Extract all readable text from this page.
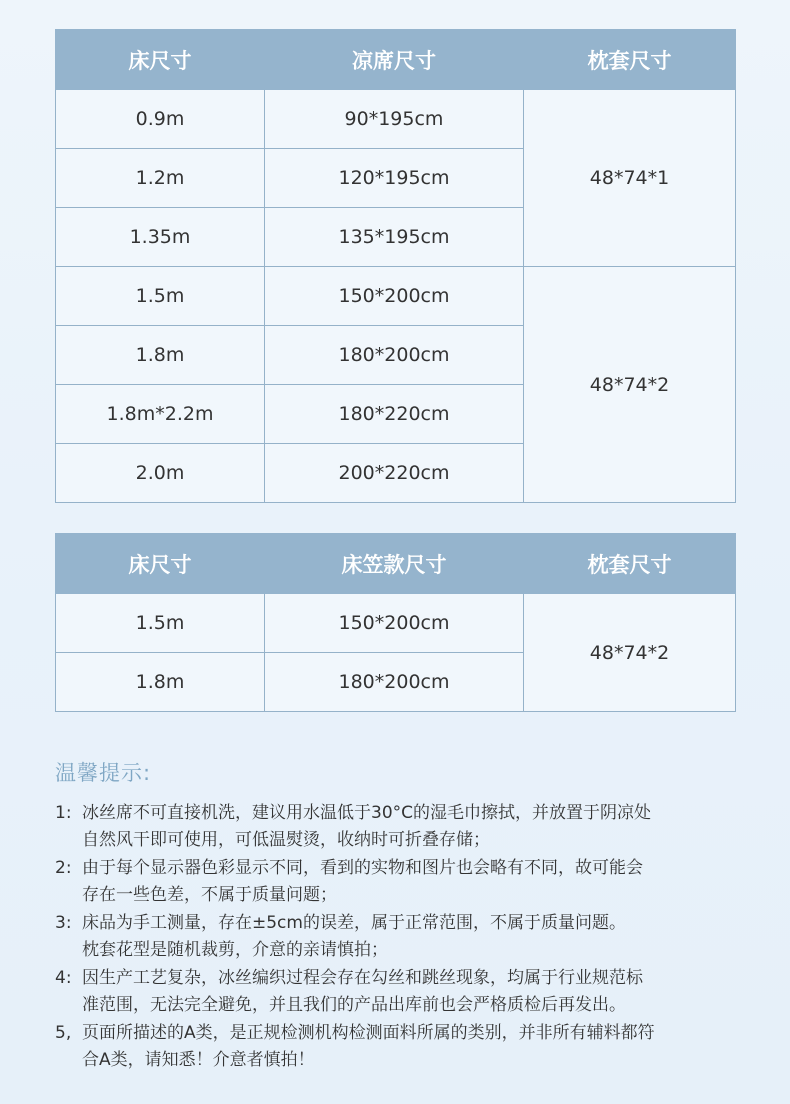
床尺寸	凉席尺寸	枕套尺寸
0.9m	90*195cm	48*74*1
1.2m	120*195cm	
1.35m	135*195cm	
1.5m	150*200cm	48*74*2
1.8m	180*200cm	
1.8m*2.2m	180*220cm	
2.0m	200*220cm	
床尺寸	床笠款尺寸	枕套尺寸
1.5m	150*200cm	48*74*2
1.8m	180*200cm	
温馨提示:
1: 冰丝席不可直接机洗，建议用水温低于30°C的湿毛巾擦拭，并放置于阴凉处
自然风干即可使用，可低温熨烫，收纳时可折叠存储；
2: 由于每个显示器色彩显示不同，看到的实物和图片也会略有不同，故可能会
存在一些色差，不属于质量问题；
3: 床品为手工测量，存在±5cm的误差，属于正常范围，不属于质量问题。
枕套花型是随机裁剪，介意的亲请慎拍；
4: 因生产工艺复杂，冰丝编织过程会存在勾丝和跳丝现象，均属于行业规范标
准范围，无法完全避免，并且我们的产品出库前也会严格质检后再发出。
5, 页面所描述的A类，是正规检测机构检测面料所属的类别，并非所有辅料都符
合A类，请知悉！介意者慎拍！
